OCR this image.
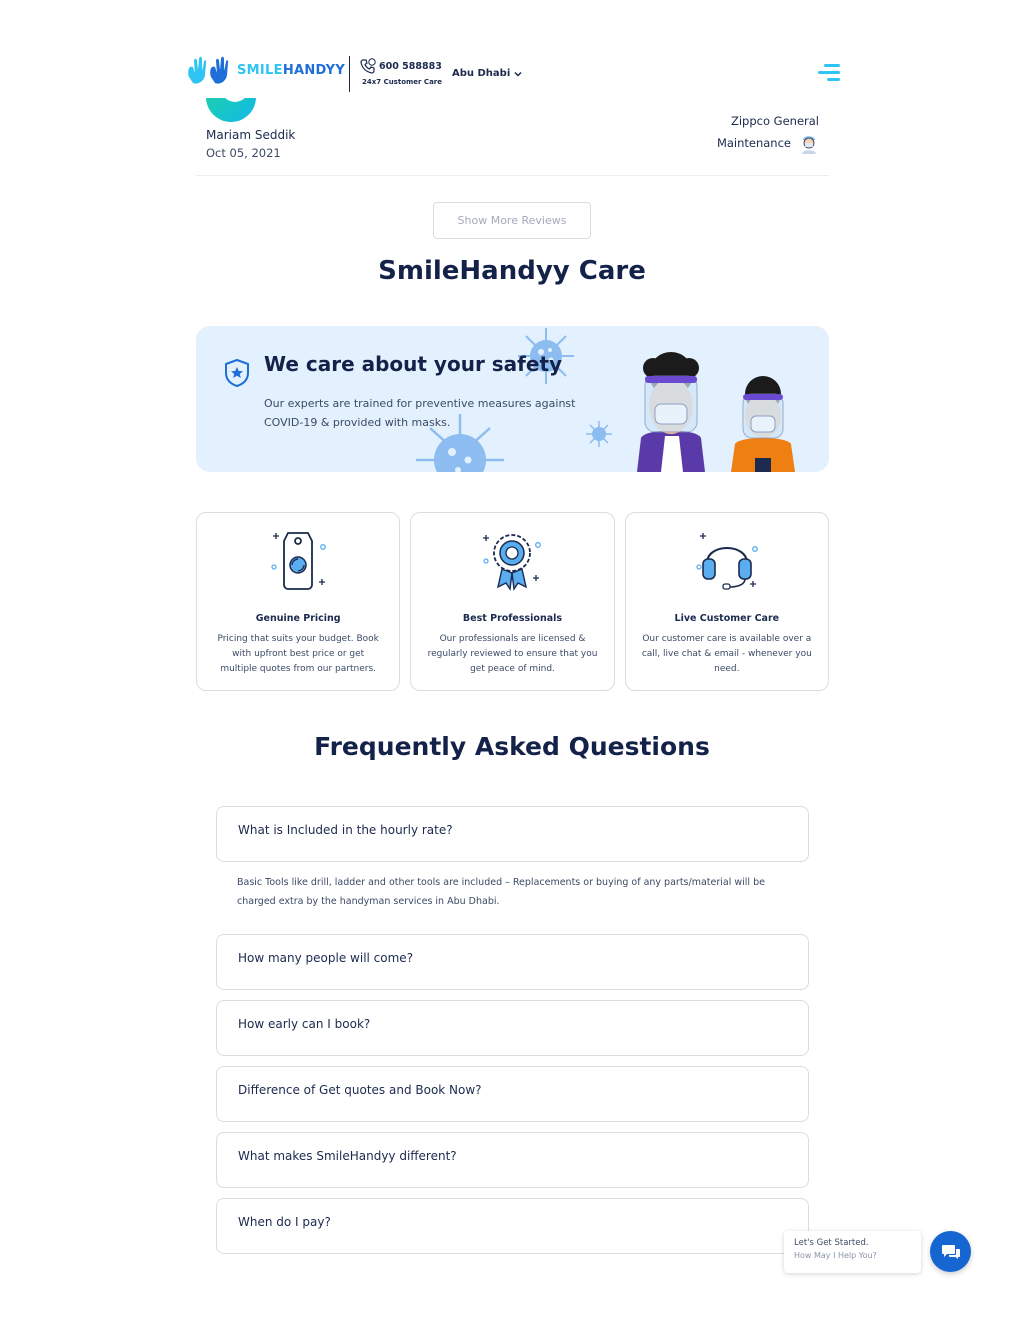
SMILEHANDYY	600 588883
24x7 Customer Care
Abu Dhabi
Mariam Seddik
Oct 05, 2021
Zippco General
Maintenance
Show More Reviews
SmileHandyy Care
We care about your safety
Our experts are trained for preventive measures against COVID-19 & provided with masks.
Genuine Pricing
Pricing that suits your budget. Book with upfront best price or get multiple quotes from our partners.
Best Professionals
Our professionals are licensed & regularly reviewed to ensure that you get peace of mind.
Live Customer Care
Our customer care is available over a call, live chat & email - whenever you need.
Frequently Asked Questions
What is Included in the hourly rate?
Basic Tools like drill, ladder and other tools are included – Replacements or buying of any parts/material will be charged extra by the handyman services in Abu Dhabi.
How many people will come?
How early can I book?
Difference of Get quotes and Book Now?
What makes SmileHandyy different?
When do I pay?
Let's Get Started.
How May I Help You?
